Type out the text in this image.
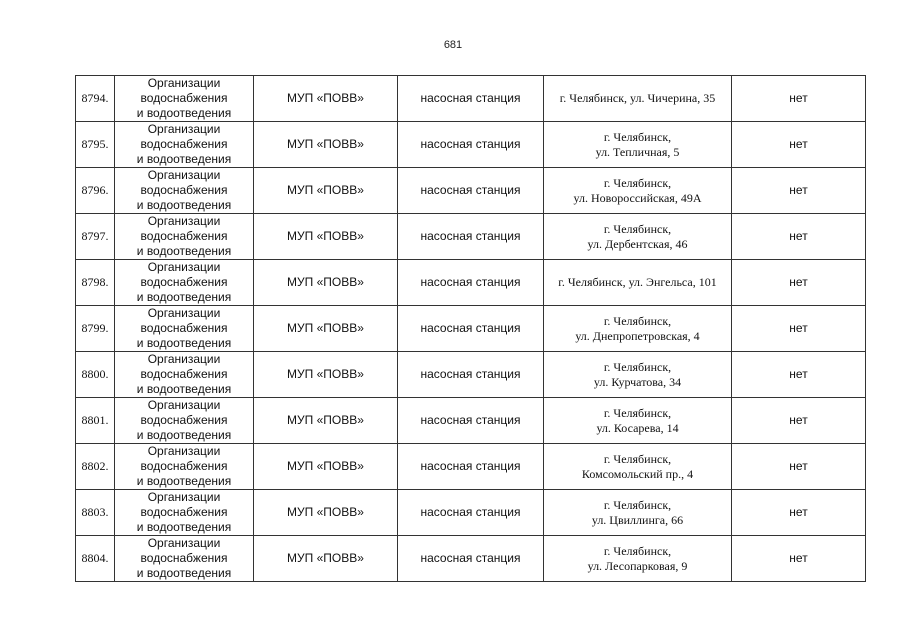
681
8794.	Организации
водоснабжения
и водоотведения	МУП «ПОВВ»	насосная станция	г. Челябинск, ул. Чичерина, 35	нет
8795.	Организации
водоснабжения
и водоотведения	МУП «ПОВВ»	насосная станция	г. Челябинск,
ул. Тепличная, 5	нет
8796.	Организации
водоснабжения
и водоотведения	МУП «ПОВВ»	насосная станция	г. Челябинск,
ул. Новороссийская, 49А	нет
8797.	Организации
водоснабжения
и водоотведения	МУП «ПОВВ»	насосная станция	г. Челябинск,
ул. Дербентская, 46	нет
8798.	Организации
водоснабжения
и водоотведения	МУП «ПОВВ»	насосная станция	г. Челябинск, ул. Энгельса, 101	нет
8799.	Организации
водоснабжения
и водоотведения	МУП «ПОВВ»	насосная станция	г. Челябинск,
ул. Днепропетровская, 4	нет
8800.	Организации
водоснабжения
и водоотведения	МУП «ПОВВ»	насосная станция	г. Челябинск,
ул. Курчатова, 34	нет
8801.	Организации
водоснабжения
и водоотведения	МУП «ПОВВ»	насосная станция	г. Челябинск,
ул. Косарева, 14	нет
8802.	Организации
водоснабжения
и водоотведения	МУП «ПОВВ»	насосная станция	г. Челябинск,
Комсомольский пр., 4	нет
8803.	Организации
водоснабжения
и водоотведения	МУП «ПОВВ»	насосная станция	г. Челябинск,
ул. Цвиллинга, 66	нет
8804.	Организации
водоснабжения
и водоотведения	МУП «ПОВВ»	насосная станция	г. Челябинск,
ул. Лесопарковая, 9	нет
